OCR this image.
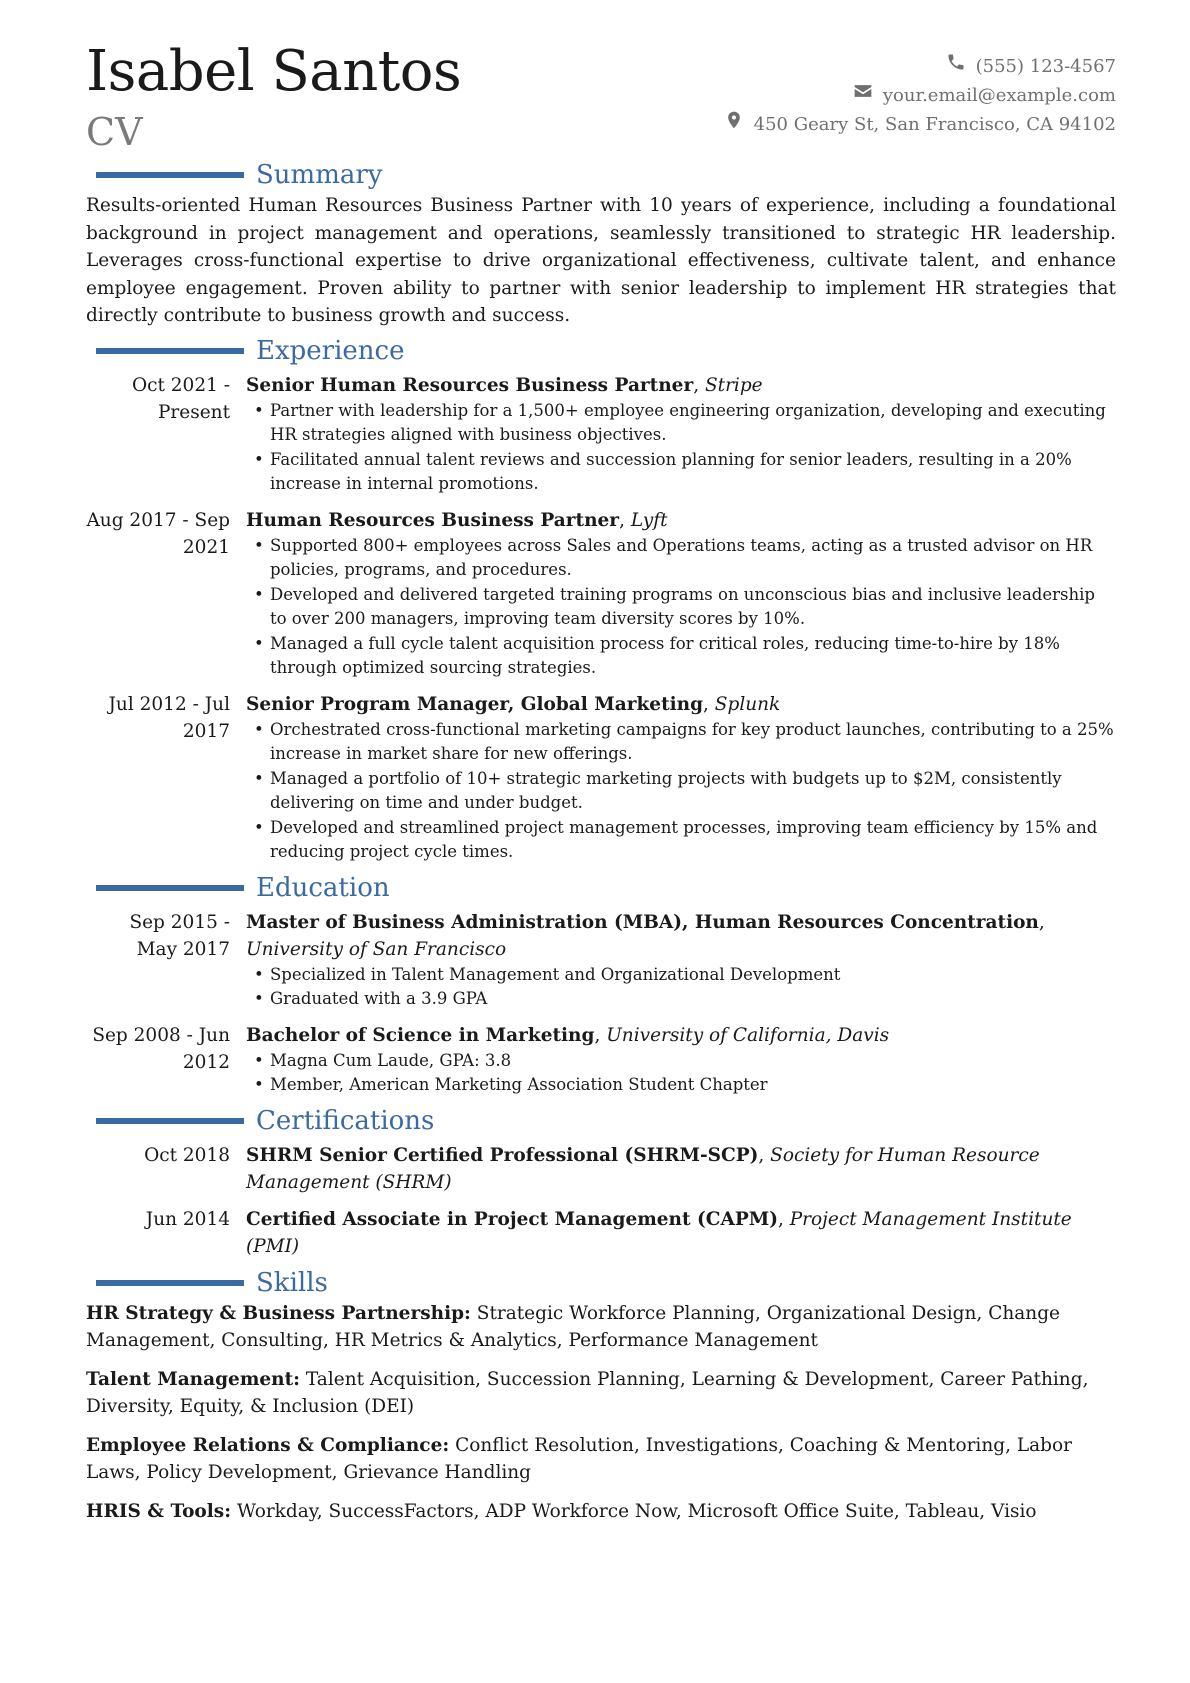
Isabel Santos
CV
(555) 123-4567
your.email@example.com
450 Geary St, San Francisco, CA 94102
Summary

Results-oriented Human Resources Business Partner with 10 years of experience, including a foundational background in project management and operations, seamlessly transitioned to strategic HR leadership. Leverages cross-functional expertise to drive organizational effectiveness, cultivate talent, and enhance employee engagement. Proven ability to partner with senior leadership to implement HR strategies that directly contribute to business growth and success.

Experience
Oct 2021 - Present
Senior Human Resources Business Partner, Stripe
• Partner with leadership for a 1,500+ employee engineering organization, developing and executing HR strategies aligned with business objectives.
• Facilitated annual talent reviews and succession planning for senior leaders, resulting in a 20% increase in internal promotions.
Aug 2017 - Sep 2021
Human Resources Business Partner, Lyft
• Supported 800+ employees across Sales and Operations teams, acting as a trusted advisor on HR policies, programs, and procedures.
• Developed and delivered targeted training programs on unconscious bias and inclusive leadership to over 200 managers, improving team diversity scores by 10%.
• Managed a full cycle talent acquisition process for critical roles, reducing time-to-hire by 18% through optimized sourcing strategies.
Jul 2012 - Jul 2017
Senior Program Manager, Global Marketing, Splunk
• Orchestrated cross-functional marketing campaigns for key product launches, contributing to a 25% increase in market share for new offerings.
• Managed a portfolio of 10+ strategic marketing projects with budgets up to $2M, consistently delivering on time and under budget.
• Developed and streamlined project management processes, improving team efficiency by 15% and reducing project cycle times.
Education
Sep 2015 - May 2017
Master of Business Administration (MBA), Human Resources Concentration, University of San Francisco
• Specialized in Talent Management and Organizational Development
• Graduated with a 3.9 GPA
Sep 2008 - Jun 2012
Bachelor of Science in Marketing, University of California, Davis
• Magna Cum Laude, GPA: 3.8
• Member, American Marketing Association Student Chapter
Certifications
Oct 2018 SHRM Senior Certified Professional (SHRM-SCP), Society for Human Resource Management (SHRM)
Jun 2014 Certified Associate in Project Management (CAPM), Project Management Institute (PMI)
Skills
HR Strategy & Business Partnership: Strategic Workforce Planning, Organizational Design, Change Management, Consulting, HR Metrics & Analytics, Performance Management
Talent Management: Talent Acquisition, Succession Planning, Learning & Development, Career Pathing, Diversity, Equity, & Inclusion (DEI)
Employee Relations & Compliance: Conflict Resolution, Investigations, Coaching & Mentoring, Labor Laws, Policy Development, Grievance Handling
HRIS & Tools: Workday, SuccessFactors, ADP Workforce Now, Microsoft Office Suite, Tableau, Visio
